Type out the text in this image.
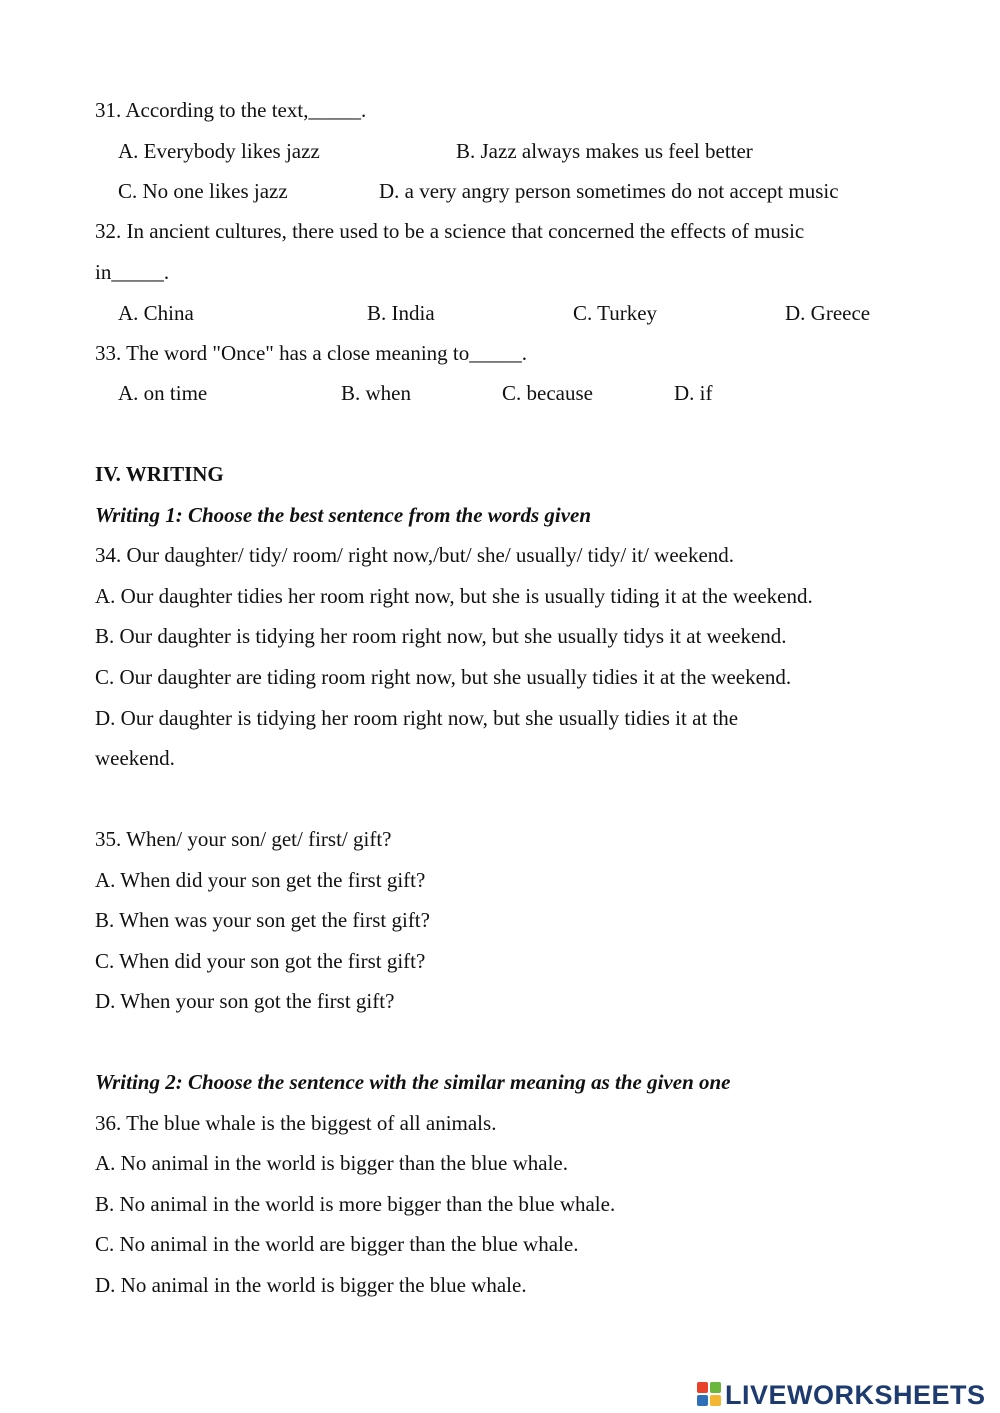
31. According to the text,_____.
A. Everybody likes jazz	B. Jazz always makes us feel better
C. No one likes jazz	D. a very angry person sometimes do not accept music
32. In ancient cultures, there used to be a science that concerned the effects of music
in_____.
A. China	B. India	C. Turkey	D. Greece
33. The word "Once" has a close meaning to_____.
A. on time	B. when	C. because	D. if
IV. WRITING
Writing 1: Choose the best sentence from the words given
34. Our daughter/ tidy/ room/ right now,/but/ she/ usually/ tidy/ it/ weekend.
A. Our daughter tidies her room right now, but she is usually tiding it at the weekend.
B. Our daughter is tidying her room right now, but she usually tidys it at weekend.
C. Our daughter are tiding room right now, but she usually tidies it at the weekend.
D. Our daughter is tidying her room right now, but she usually tidies it at the
weekend.
35. When/ your son/ get/ first/ gift?
A. When did your son get the first gift?
B. When was your son get the first gift?
C. When did your son got the first gift?
D. When your son got the first gift?
Writing 2: Choose the sentence with the similar meaning as the given one
36. The blue whale is the biggest of all animals.
A. No animal in the world is bigger than the blue whale.
B. No animal in the world is more bigger than the blue whale.
C. No animal in the world are bigger than the blue whale.
D. No animal in the world is bigger the blue whale.
LIVEWORKSHEETS
